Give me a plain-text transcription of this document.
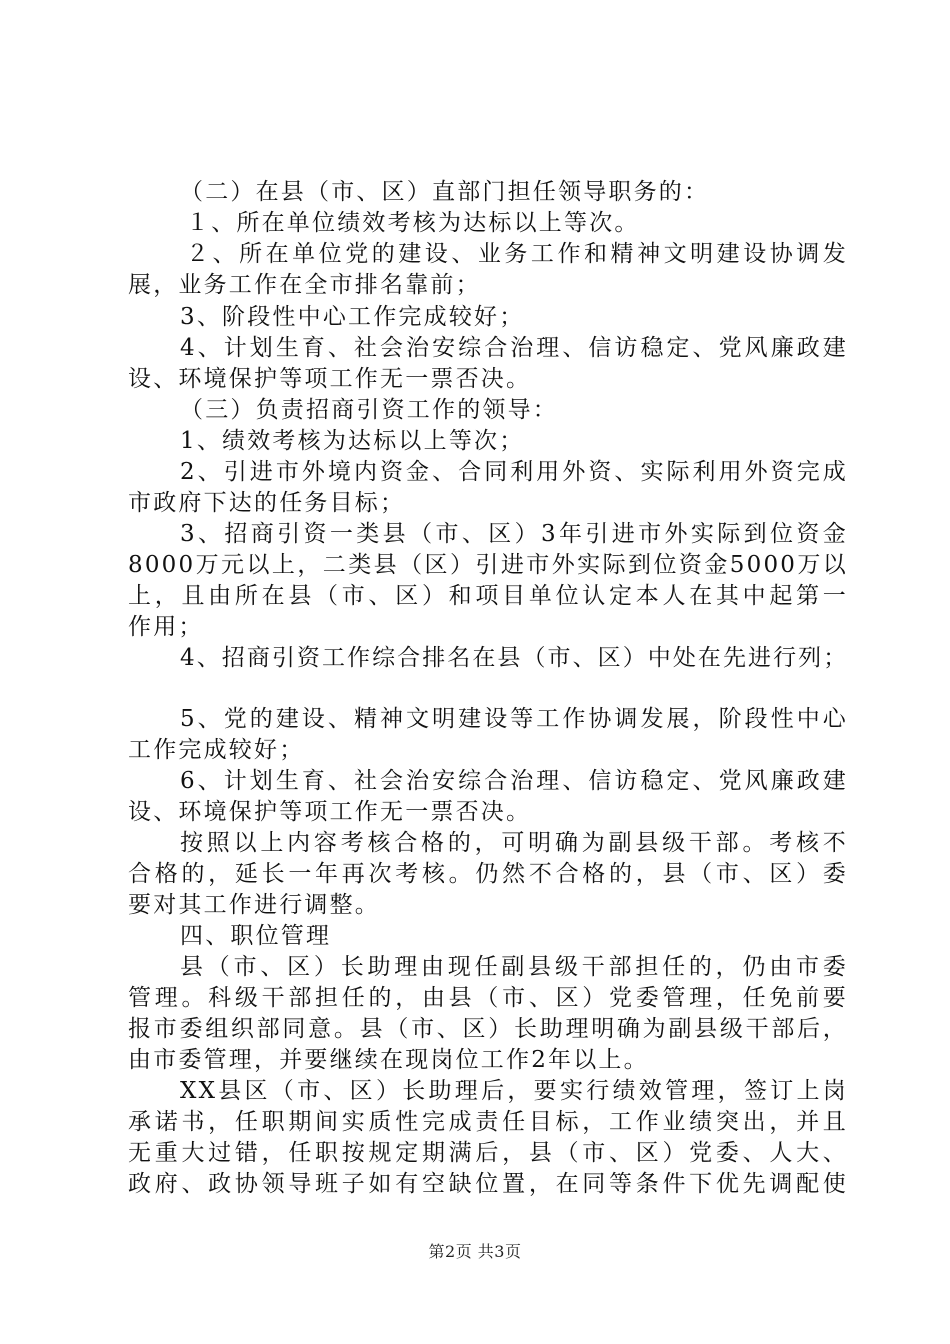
（二）在县（市、区）直部门担任领导职务的：
１、所在单位绩效考核为达标以上等次。
２、所在单位党的建设、业务工作和精神文明建设协调发
展，业务工作在全市排名靠前；
3、阶段性中心工作完成较好；
4、计划生育、社会治安综合治理、信访稳定、党风廉政建
设、环境保护等项工作无一票否决。
（三）负责招商引资工作的领导：
1、绩效考核为达标以上等次；
2、引进市外境内资金、合同利用外资、实际利用外资完成
市政府下达的任务目标；
3、招商引资一类县（市、区）3年引进市外实际到位资金
8000万元以上，二类县（区）引进市外实际到位资金5000万以
上，且由所在县（市、区）和项目单位认定本人在其中起第一
作用；
4、招商引资工作综合排名在县（市、区）中处在先进行列；
5、党的建设、精神文明建设等工作协调发展，阶段性中心
工作完成较好；
6、计划生育、社会治安综合治理、信访稳定、党风廉政建
设、环境保护等项工作无一票否决。
按照以上内容考核合格的，可明确为副县级干部。考核不
合格的，延长一年再次考核。仍然不合格的，县（市、区）委
要对其工作进行调整。
四、职位管理
县（市、区）长助理由现任副县级干部担任的，仍由市委
管理。科级干部担任的，由县（市、区）党委管理，任免前要
报市委组织部同意。县（市、区）长助理明确为副县级干部后，
由市委管理，并要继续在现岗位工作2年以上。
XX县区（市、区）长助理后，要实行绩效管理，签订上岗
承诺书，任职期间实质性完成责任目标，工作业绩突出，并且
无重大过错，任职按规定期满后，县（市、区）党委、人大、
政府、政协领导班子如有空缺位置，在同等条件下优先调配使
第2页 共3页
